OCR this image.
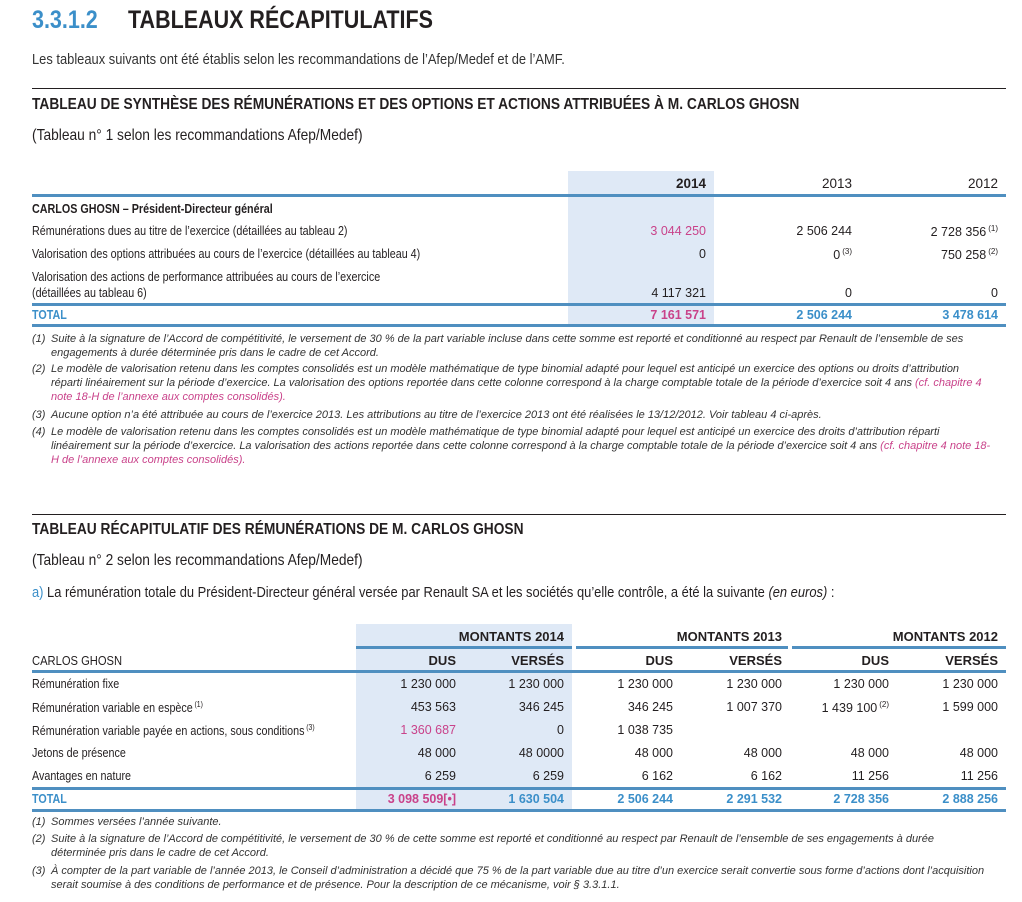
3.3.1.2 TABLEAUX RÉCAPITULATIFS
Les tableaux suivants ont été établis selon les recommandations de l’Afep/Medef et de l’AMF.
TABLEAU DE SYNTHÈSE DES RÉMUNÉRATIONS ET DES OPTIONS ET ACTIONS ATTRIBUÉES À M. CARLOS GHOSN
(Tableau n° 1 selon les recommandations Afep/Medef)
2014	2013	2012
CARLOS GHOSN – Président-Directeur général
Rémunérations dues au titre de l’exercice (détaillées au tableau 2)	3 044 250	2 506 244	2 728 356 $^{(1)}$
Valorisation des options attribuées au cours de l’exercice (détaillées au tableau 4)	0	0 $^{(3)}$	750 258 $^{(2)}$
Valorisation des actions de performance attribuées au cours de l’exercice
(détaillées au tableau 6)	4 117 321	0	0
TOTAL	7 161 571	2 506 244	3 478 614
(1) Suite à la signature de l’Accord de compétitivité, le versement de 30 % de la part variable incluse dans cette somme est reporté et conditionné au respect par Renault de l’ensemble de ses engagements à durée déterminée pris dans le cadre de cet Accord.
(2) Le modèle de valorisation retenu dans les comptes consolidés est un modèle mathématique de type binomial adapté pour lequel est anticipé un exercice des options ou droits d’attribution réparti linéairement sur la période d’exercice. La valorisation des options reportée dans cette colonne correspond à la charge comptable totale de la période d’exercice soit 4 ans (cf. chapitre 4 note 18-H de l’annexe aux comptes consolidés).
(3) Aucune option n’a été attribuée au cours de l’exercice 2013. Les attributions au titre de l’exercice 2013 ont été réalisées le 13/12/2012. Voir tableau 4 ci-après.
(4) Le modèle de valorisation retenu dans les comptes consolidés est un modèle mathématique de type binomial adapté pour lequel est anticipé un exercice des droits d’attribution réparti linéairement sur la période d’exercice. La valorisation des actions reportée dans cette colonne correspond à la charge comptable totale de la période d’exercice soit 4 ans (cf. chapitre 4 note 18-H de l’annexe aux comptes consolidés).
TABLEAU RÉCAPITULATIF DES RÉMUNÉRATIONS DE M. CARLOS GHOSN
(Tableau n° 2 selon les recommandations Afep/Medef)
a) La rémunération totale du Président-Directeur général versée par Renault SA et les sociétés qu’elle contrôle, a été la suivante (en euros) :
MONTANTS 2014	MONTANTS 2013	MONTANTS 2012
CARLOS GHOSN	DUS	VERSÉS	DUS	VERSÉS	DUS	VERSÉS
Rémunération fixe	1 230 000	1 230 000	1 230 000	1 230 000	1 230 000	1 230 000
Rémunération variable en espèce $^{(1)}$	453 563	346 245	346 245	1 007 370	1 439 100 $^{(2)}$	1 599 000
Rémunération variable payée en actions, sous conditions $^{(3)}$	1 360 687	0	1 038 735
Jetons de présence	48 000	48 0000	48 000	48 000	48 000	48 000
Avantages en nature	6 259	6 259	6 162	6 162	11 256	11 256
TOTAL	3 098 509[•]	1 630 504	2 506 244	2 291 532	2 728 356	2 888 256
(1) Sommes versées l’année suivante.
(2) Suite à la signature de l’Accord de compétitivité, le versement de 30 % de cette somme est reporté et conditionné au respect par Renault de l’ensemble de ses engagements à durée déterminée pris dans le cadre de cet Accord.
(3) À compter de la part variable de l’année 2013, le Conseil d’administration a décidé que 75 % de la part variable due au titre d’un exercice serait convertie sous forme d’actions dont l’acquisition serait soumise à des conditions de performance et de présence. Pour la description de ce mécanisme, voir § 3.3.1.1.
